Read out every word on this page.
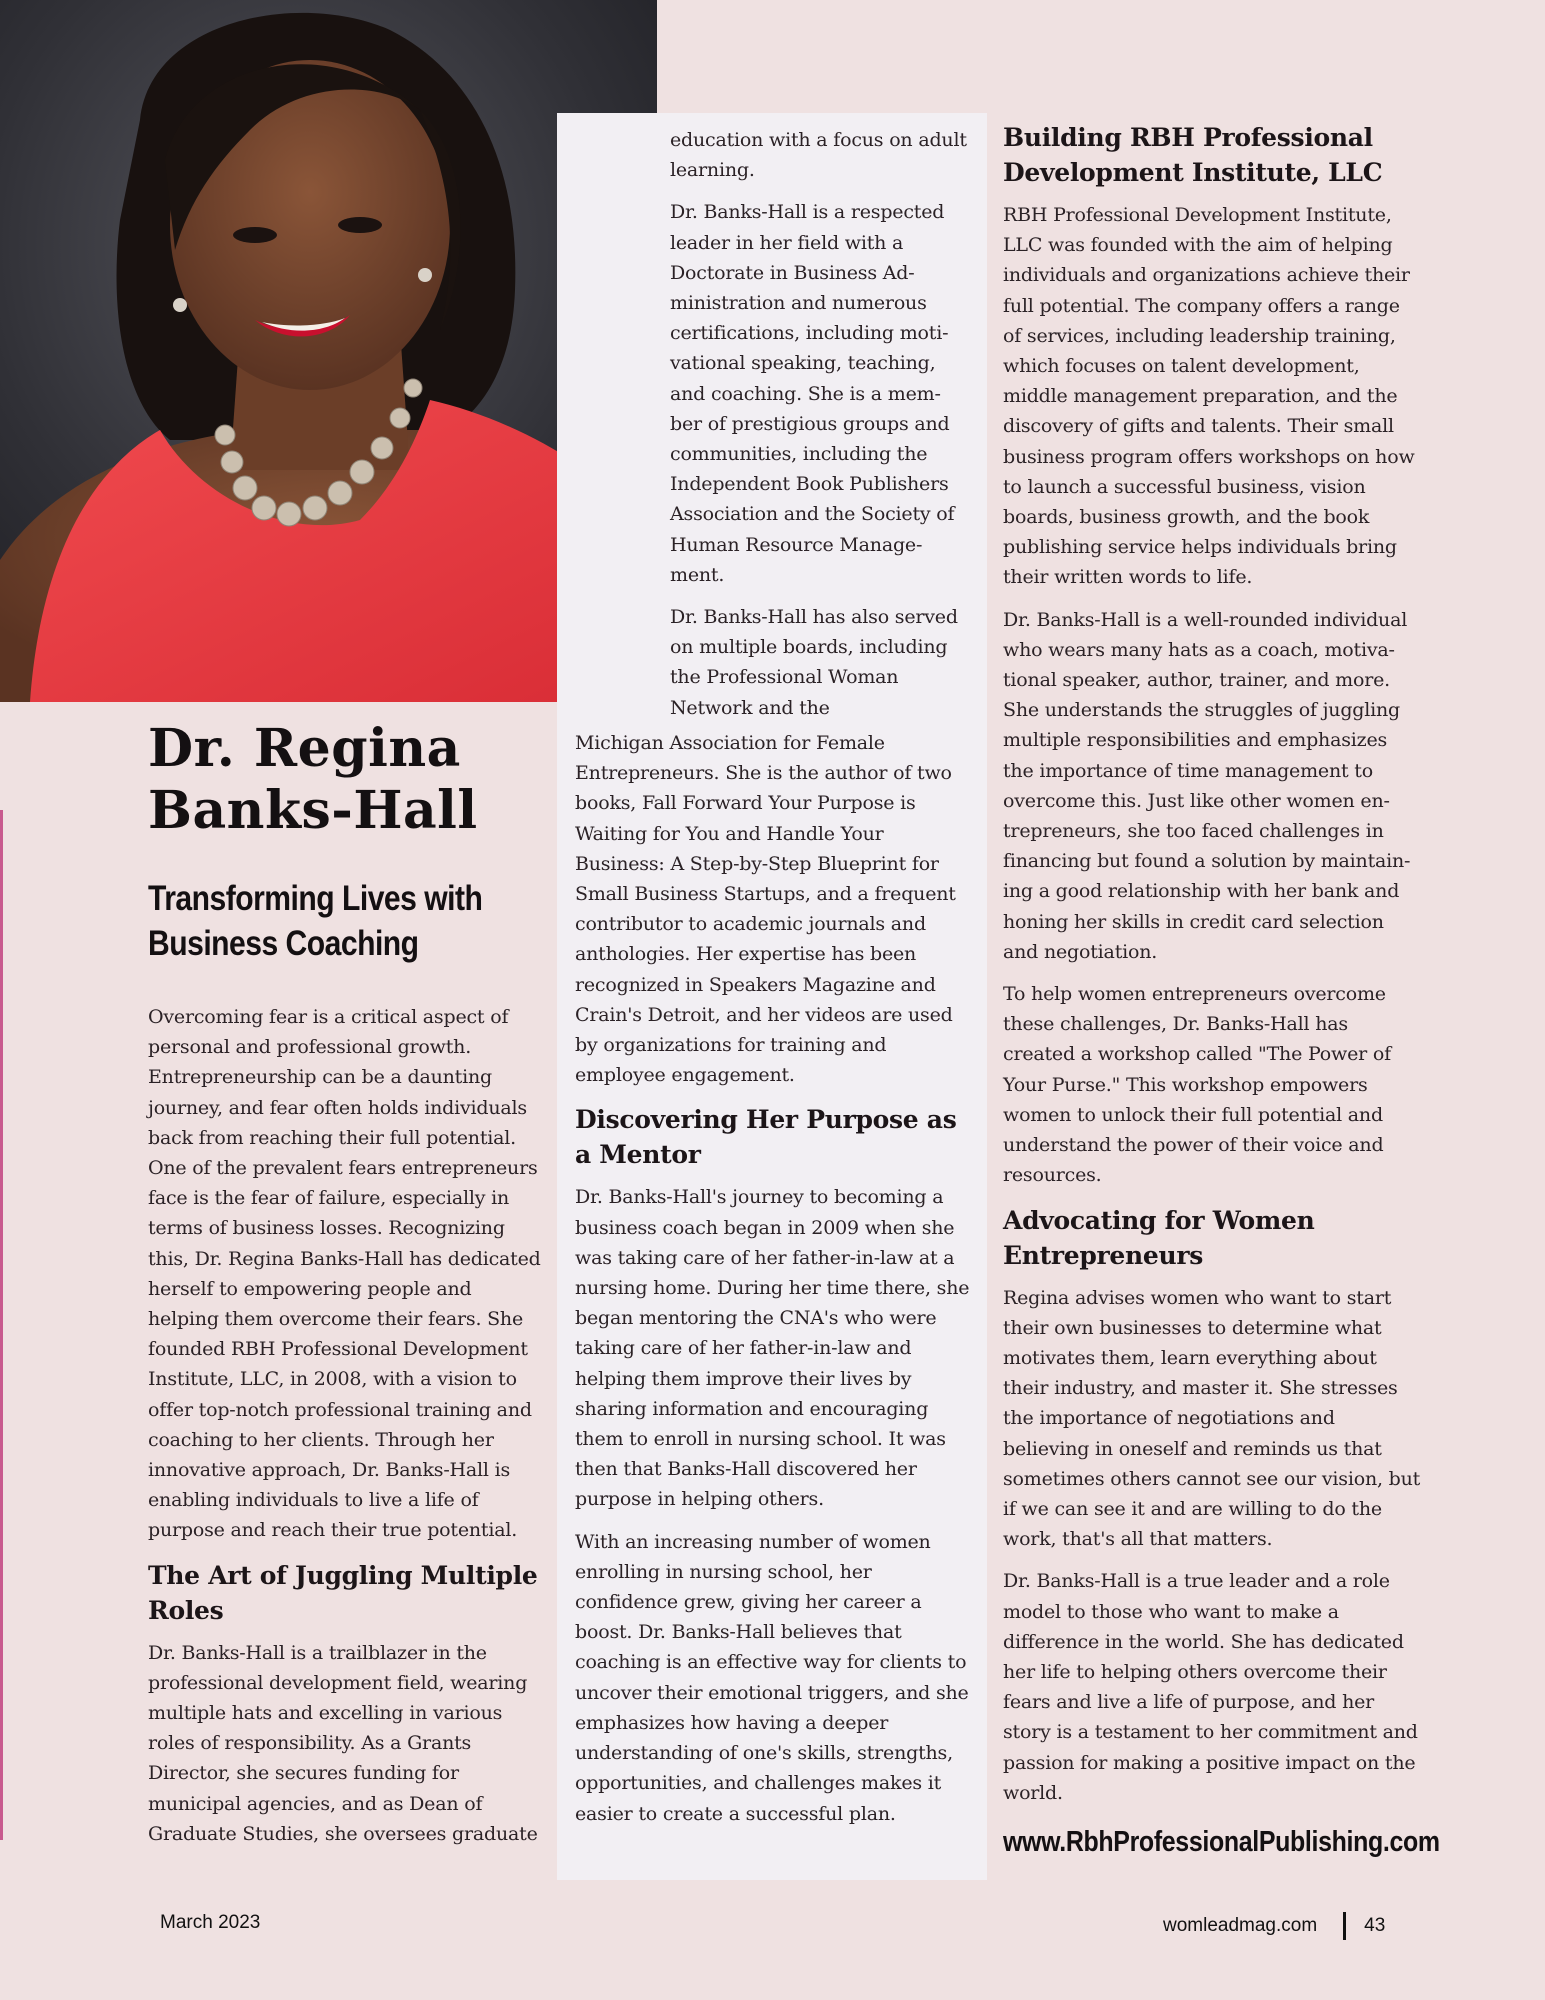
Dr. Regina Banks-Hall
Transforming Lives with Business Coaching

Overcoming fear is a critical aspect of personal and professional growth. Entrepreneurship can be a daunting journey, and fear often holds individuals back from reaching their full potential. One of the prevalent fears entrepreneurs face is the fear of failure, especially in terms of business losses. Recognizing this, Dr. Regina Banks-Hall has dedicated herself to empowering people and helping them overcome their fears. She founded RBH Professional Development Institute, LLC, in 2008, with a vision to offer top-notch professional training and coaching to her clients. Through her innovative approach, Dr. Banks-Hall is enabling individuals to live a life of purpose and reach their true potential.

The Art of Juggling Multiple Roles

Dr. Banks-Hall is a trailblazer in the professional development field, wearing multiple hats and excelling in various roles of responsibility. As a Grants Director, she secures funding for municipal agencies, and as Dean of Graduate Studies, she oversees graduate

education with a focus on adult learning.

Dr. Banks-Hall is a respected leader in her field with a Doctorate in Business Ad-ministration and numerous certifications, including moti-vational speaking, teaching, and coaching. She is a mem-ber of prestigious groups and communities, including the Independent Book Publishers Association and the Society of Human Resource Manage-ment.

Dr. Banks-Hall has also served on multiple boards, including the Professional Woman Network and the

Michigan Association for Female Entrepreneurs. She is the author of two books, Fall Forward Your Purpose is Waiting for You and Handle Your Business: A Step-by-Step Blueprint for Small Business Startups, and a frequent contributor to academic journals and anthologies. Her expertise has been recognized in Speakers Magazine and Crain's Detroit, and her videos are used by organizations for training and employee engagement.

Discovering Her Purpose as a Mentor

Dr. Banks-Hall's journey to becoming a business coach began in 2009 when she was taking care of her father-in-law at a nursing home. During her time there, she began mentoring the CNA's who were taking care of her father-in-law and helping them improve their lives by sharing information and encouraging them to enroll in nursing school. It was then that Banks-Hall discovered her purpose in helping others.

With an increasing number of women enrolling in nursing school, her confidence grew, giving her career a boost. Dr. Banks-Hall believes that coaching is an effective way for clients to uncover their emotional triggers, and she emphasizes how having a deeper understanding of one's skills, strengths, opportunities, and challenges makes it easier to create a successful plan.

Building RBH Professional Development Institute, LLC

RBH Professional Development Institute, LLC was founded with the aim of helping individuals and organizations achieve their full potential. The company offers a range of services, including leadership training, which focuses on talent development, middle management preparation, and the discovery of gifts and talents. Their small business program offers workshops on how to launch a successful business, vision boards, business growth, and the book publishing service helps individuals bring their written words to life.

Dr. Banks-Hall is a well-rounded individual who wears many hats as a coach, motiva-tional speaker, author, trainer, and more. She understands the struggles of juggling multiple responsibilities and emphasizes the importance of time management to overcome this. Just like other women en-trepreneurs, she too faced challenges in financing but found a solution by maintain-ing a good relationship with her bank and honing her skills in credit card selection and negotiation.

To help women entrepreneurs overcome these challenges, Dr. Banks-Hall has created a workshop called "The Power of Your Purse." This workshop empowers women to unlock their full potential and understand the power of their voice and resources.

Advocating for Women Entrepreneurs

Regina advises women who want to start their own businesses to determine what motivates them, learn everything about their industry, and master it. She stresses the importance of negotiations and believing in oneself and reminds us that sometimes others cannot see our vision, but if we can see it and are willing to do the work, that's all that matters.

Dr. Banks-Hall is a true leader and a role model to those who want to make a difference in the world. She has dedicated her life to helping others overcome their fears and live a life of purpose, and her story is a testament to her commitment and passion for making a positive impact on the world.

www.RbhProfessionalPublishing.com
March 2023	womleadmag.com 43
